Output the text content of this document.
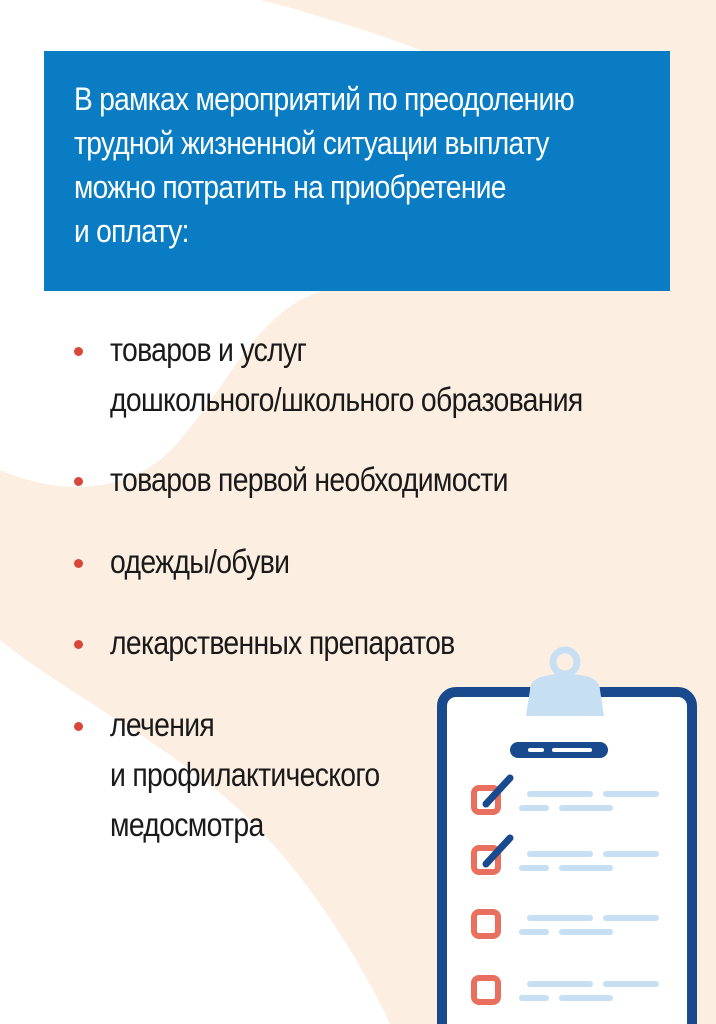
В рамках мероприятий по преодолению
трудной жизненной ситуации выплату
можно потратить на приобретение
и оплату:

товаров и услуг
дошкольного/школьного образования

товаров первой необходимости

одежды/обуви

лекарственных препаратов

лечения
и профилактического
медосмотра
